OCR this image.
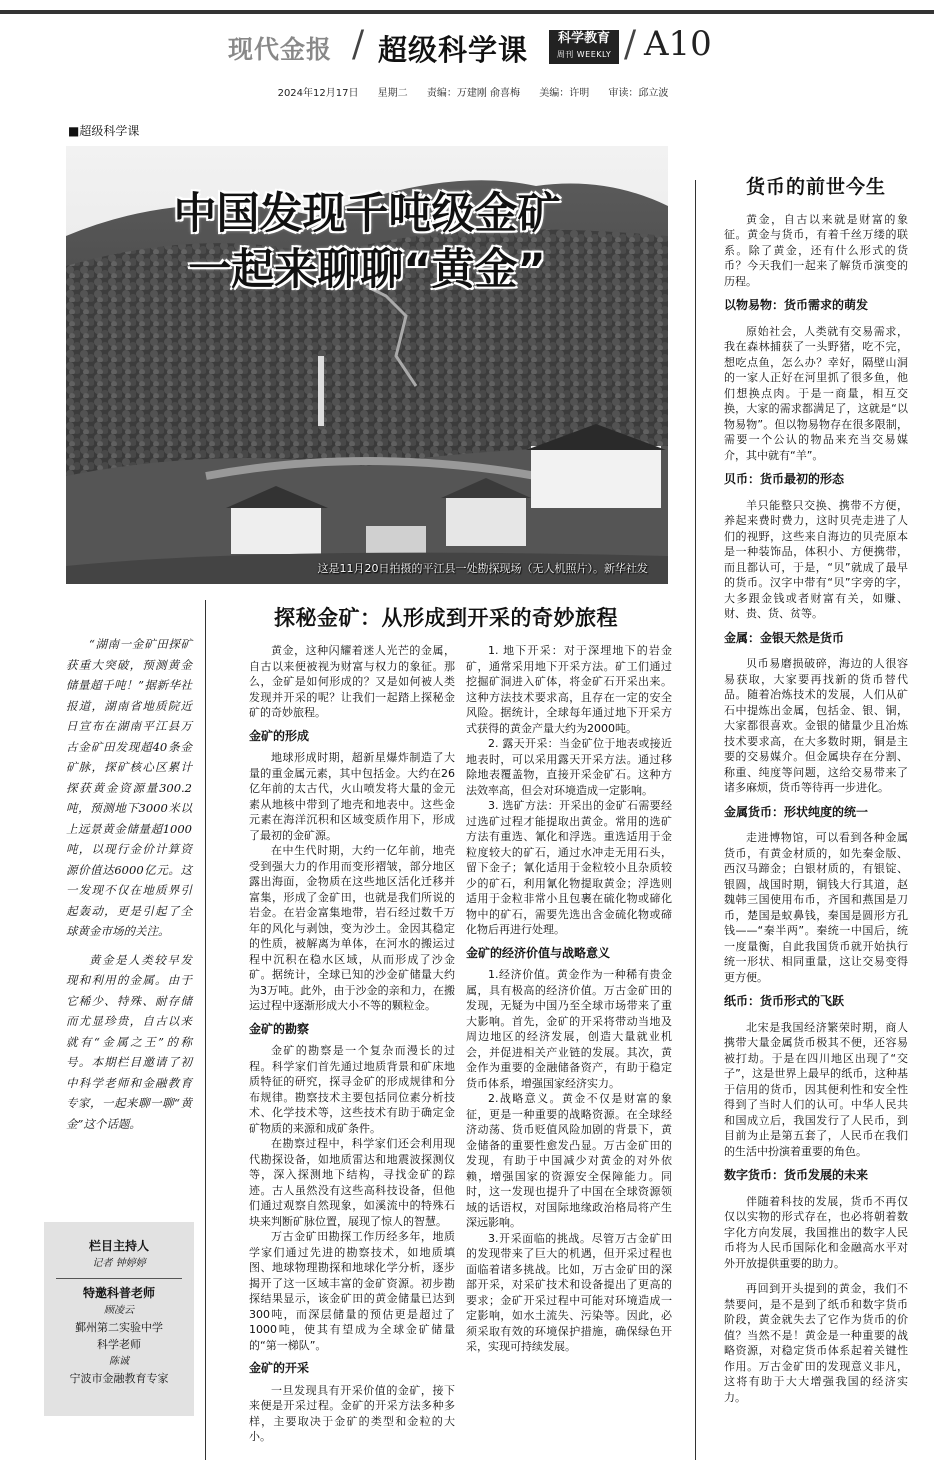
现代金报 / 超级科学课	科学教育
周刊 WEEKLY / A10
2024年12月17日 星期二 责编：万建刚 俞喜梅 美编：许明 审读：邱立波
■超级科学课
中国发现千吨级金矿
一起来聊聊“黄金”
这是11月20日拍摄的平江县一处勘探现场（无人机照片）。新华社发

“湖南一金矿田探矿获重大突破，预测黄金储量超千吨！”据新华社报道，湖南省地质院近日宣布在湖南平江县万古金矿田发现超40条金矿脉，探矿核心区累计探获黄金资源量300.2吨，预测地下3000米以上远景黄金储量超1000吨，以现行金价计算资源价值达6000亿元。这一发现不仅在地质界引起轰动，更是引起了全球黄金市场的关注。

黄金是人类较早发现和利用的金属。由于它稀少、特殊、耐存储而尤显珍贵，自古以来就有“金属之王”的称号。本期栏目邀请了初中科学老师和金融教育专家，一起来聊一聊“黄金”这个话题。

栏目主持人
记者 钟婷婷
特邀科普老师
顾凌云
鄞州第二实验中学
科学老师
陈诚
宁波市金融教育专家
探秘金矿：从形成到开采的奇妙旅程

黄金，这种闪耀着迷人光芒的金属，自古以来便被视为财富与权力的象征。那么，金矿是如何形成的？又是如何被人类发现并开采的呢？让我们一起踏上探秘金矿的奇妙旅程。

金矿的形成

地球形成时期，超新星爆炸制造了大量的重金属元素，其中包括金。大约在26亿年前的太古代，火山喷发将大量的金元素从地核中带到了地壳和地表中。这些金元素在海洋沉积和区域变质作用下，形成了最初的金矿源。

在中生代时期，大约一亿年前，地壳受到强大力的作用而变形褶皱，部分地区露出海面，金物质在这些地区活化迁移并富集，形成了金矿田，也就是我们所说的岩金。在岩金富集地带，岩石经过数千万年的风化与剥蚀，变为沙土。金因其稳定的性质，被解离为单体，在河水的搬运过程中沉积在稳水区域，从而形成了沙金矿。据统计，全球已知的沙金矿储量大约为3万吨。此外，由于沙金的亲和力，在搬运过程中逐渐形成大小不等的颗粒金。

金矿的勘察

金矿的勘察是一个复杂而漫长的过程。科学家们首先通过地质背景和矿床地质特征的研究，探寻金矿的形成规律和分布规律。勘察技术主要包括同位素分析技术、化学技术等，这些技术有助于确定金矿物质的来源和成矿条件。

在勘察过程中，科学家们还会利用现代勘探设备，如地质雷达和地震波探测仪等，深入探测地下结构，寻找金矿的踪迹。古人虽然没有这些高科技设备，但他们通过观察自然现象，如溪流中的特殊石块来判断矿脉位置，展现了惊人的智慧。

万古金矿田勘探工作历经多年，地质学家们通过先进的勘察技术，如地质填图、地球物理勘探和地球化学分析，逐步揭开了这一区域丰富的金矿资源。初步勘探结果显示，该金矿田的黄金储量已达到300吨，而深层储量的预估更是超过了1000吨，使其有望成为全球金矿储量的“第一梯队”。

金矿的开采

一旦发现具有开采价值的金矿，接下来便是开采过程。金矿的开采方法多种多样，主要取决于金矿的类型和金粒的大小。

1. 地下开采：对于深埋地下的岩金矿，通常采用地下开采方法。矿工们通过挖掘矿洞进入矿体，将金矿石开采出来。这种方法技术要求高，且存在一定的安全风险。据统计，全球每年通过地下开采方式获得的黄金产量大约为2000吨。
2. 露天开采：当金矿位于地表或接近地表时，可以采用露天开采方法。通过移除地表覆盖物，直接开采金矿石。这种方法效率高，但会对环境造成一定影响。
3. 选矿方法：开采出的金矿石需要经过选矿过程才能提取出黄金。常用的选矿方法有重选、氰化和浮选。重选适用于金粒度较大的矿石，通过水冲走无用石头，留下金子；氰化适用于金粒较小且杂质较少的矿石，利用氰化物提取黄金；浮选则适用于金粒非常小且包裹在硫化物或碲化物中的矿石，需要先选出含金硫化物或碲化物后再进行处理。
金矿的经济价值与战略意义
1.经济价值。黄金作为一种稀有贵金属，具有极高的经济价值。万古金矿田的发现，无疑为中国乃至全球市场带来了重大影响。首先，金矿的开采将带动当地及周边地区的经济发展，创造大量就业机会，并促进相关产业链的发展。其次，黄金作为重要的金融储备资产，有助于稳定货币体系，增强国家经济实力。
2.战略意义。黄金不仅是财富的象征，更是一种重要的战略资源。在全球经济动荡、货币贬值风险加剧的背景下，黄金储备的重要性愈发凸显。万古金矿田的发现，有助于中国减少对黄金的对外依赖，增强国家的资源安全保障能力。同时，这一发现也提升了中国在全球资源领域的话语权，对国际地缘政治格局将产生深远影响。
3.开采面临的挑战。尽管万古金矿田的发现带来了巨大的机遇，但开采过程也面临着诸多挑战。比如，万古金矿田的深部开采，对采矿技术和设备提出了更高的要求；金矿开采过程中可能对环境造成一定影响，如水土流失、污染等。因此，必须采取有效的环境保护措施，确保绿色开采，实现可持续发展。
货币的前世今生

黄金，自古以来就是财富的象征。黄金与货币，有着千丝万缕的联系。除了黄金，还有什么形式的货币？今天我们一起来了解货币演变的历程。

以物易物：货币需求的萌发

原始社会，人类就有交易需求，我在森林捕获了一头野猪，吃不完，想吃点鱼，怎么办？幸好，隔壁山洞的一家人正好在河里抓了很多鱼，他们想换点肉。于是一商量，相互交换，大家的需求都满足了，这就是“以物易物”。但以物易物存在很多限制，需要一个公认的物品来充当交易媒介，其中就有“羊”。

贝币：货币最初的形态

羊只能整只交换、携带不方便，养起来费时费力，这时贝壳走进了人们的视野，这些来自海边的贝壳原本是一种装饰品，体积小、方便携带，而且都认可，于是，“贝”就成了最早的货币。汉字中带有“贝”字旁的字，大多跟金钱或者财富有关，如赚、财、贵、货、贫等。

金属：金银天然是货币

贝币易磨损破碎，海边的人很容易获取，大家要再找新的货币替代品。随着冶炼技术的发展，人们从矿石中提炼出金属，包括金、银、铜，大家都很喜欢。金银的储量少且冶炼技术要求高，在大多数时期，铜是主要的交易媒介。但金属块存在分割、称重、纯度等问题，这给交易带来了诸多麻烦，货币等待再一步进化。

金属货币：形状纯度的统一

走进博物馆，可以看到各种金属货币，有黄金材质的，如先秦金版、西汉马蹄金；白银材质的，有银锭、银圆，战国时期，铜钱大行其道，赵魏韩三国使用布币，齐国和燕国是刀币，楚国是蚁鼻钱，秦国是圆形方孔钱——“秦半两”。秦统一中国后，统一度量衡，自此我国货币就开始执行统一形状、相同重量，这让交易变得更方便。

纸币：货币形式的飞跃

北宋是我国经济繁荣时期，商人携带大量金属货币极其不便，还容易被打劫。于是在四川地区出现了“交子”，这是世界上最早的纸币，这种基于信用的货币，因其便利性和安全性得到了当时人们的认可。中华人民共和国成立后，我国发行了人民币，到目前为止是第五套了，人民币在我们的生活中扮演着重要的角色。

数字货币：货币发展的未来

伴随着科技的发展，货币不再仅仅以实物的形式存在，也必将朝着数字化方向发展，我国推出的数字人民币将为人民币国际化和金融高水平对外开放提供重要的助力。

再回到开头提到的黄金，我们不禁要问，是不是到了纸币和数字货币阶段，黄金就失去了它作为货币的价值？当然不是！黄金是一种重要的战略资源，对稳定货币体系起着关键性作用。万古金矿田的发现意义非凡，这将有助于大大增强我国的经济实力。
